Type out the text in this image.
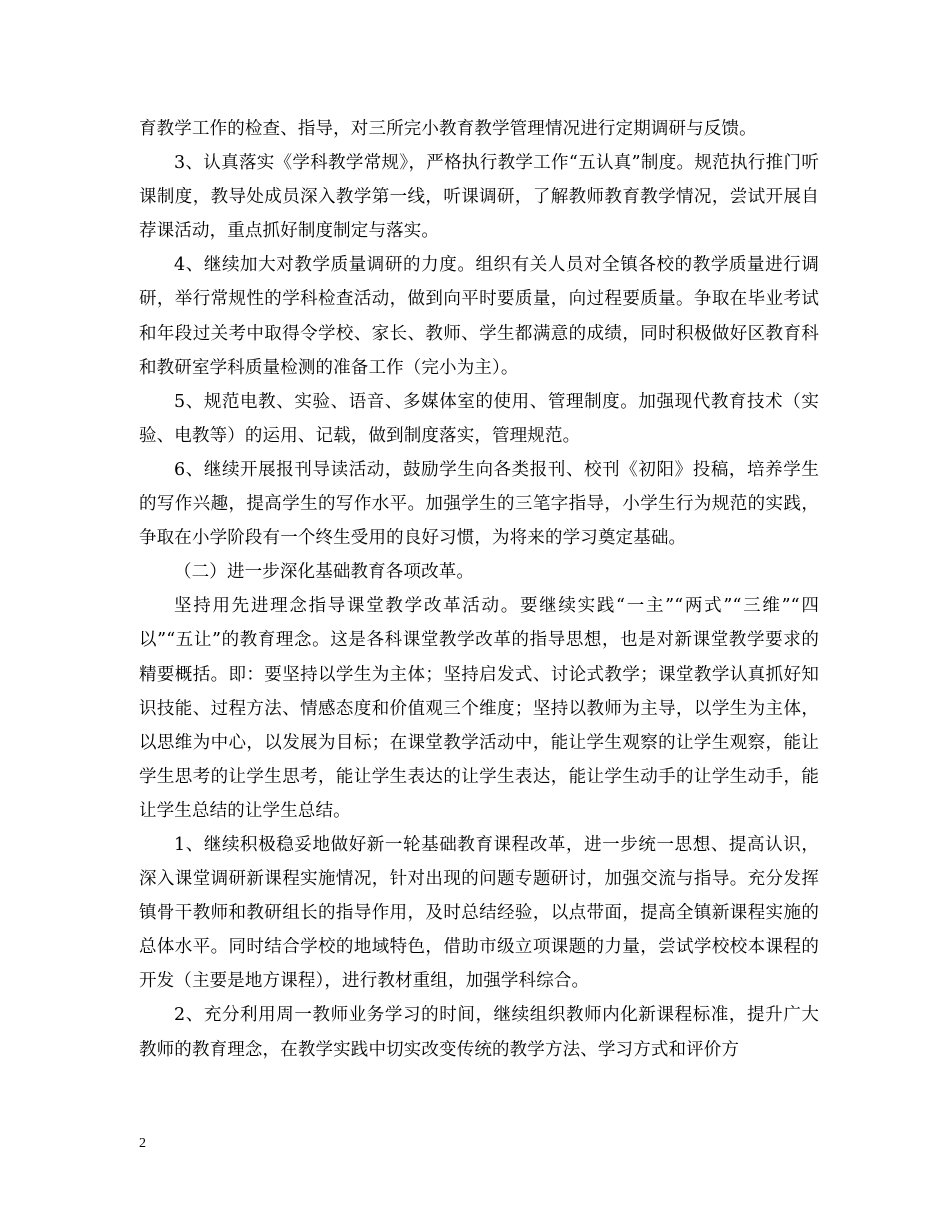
育教学工作的检查、指导，对三所完小教育教学管理情况进行定期调研与反馈。

3、认真落实《学科教学常规》，严格执行教学工作“五认真”制度。规范执行推门听课制度，教导处成员深入教学第一线，听课调研，了解教师教育教学情况，尝试开展自荐课活动，重点抓好制度制定与落实。

4、继续加大对教学质量调研的力度。组织有关人员对全镇各校的教学质量进行调研，举行常规性的学科检查活动，做到向平时要质量，向过程要质量。争取在毕业考试和年段过关考中取得令学校、家长、教师、学生都满意的成绩，同时积极做好区教育科和教研室学科质量检测的准备工作（完小为主）。

5、规范电教、实验、语音、多媒体室的使用、管理制度。加强现代教育技术（实验、电教等）的运用、记载，做到制度落实，管理规范。

6、继续开展报刊导读活动，鼓励学生向各类报刊、校刊《初阳》投稿，培养学生的写作兴趣，提高学生的写作水平。加强学生的三笔字指导，小学生行为规范的实践，争取在小学阶段有一个终生受用的良好习惯，为将来的学习奠定基础。

（二）进一步深化基础教育各项改革。

坚持用先进理念指导课堂教学改革活动。要继续实践“一主”“两式”“三维”“四以”“五让”的教育理念。这是各科课堂教学改革的指导思想，也是对新课堂教学要求的精要概括。即：要坚持以学生为主体；坚持启发式、讨论式教学；课堂教学认真抓好知识技能、过程方法、情感态度和价值观三个维度；坚持以教师为主导，以学生为主体，以思维为中心，以发展为目标；在课堂教学活动中，能让学生观察的让学生观察，能让学生思考的让学生思考，能让学生表达的让学生表达，能让学生动手的让学生动手，能让学生总结的让学生总结。

1、继续积极稳妥地做好新一轮基础教育课程改革，进一步统一思想、提高认识，深入课堂调研新课程实施情况，针对出现的问题专题研讨，加强交流与指导。充分发挥镇骨干教师和教研组长的指导作用，及时总结经验，以点带面，提高全镇新课程实施的总体水平。同时结合学校的地域特色，借助市级立项课题的力量，尝试学校校本课程的开发（主要是地方课程），进行教材重组，加强学科综合。

2、充分利用周一教师业务学习的时间，继续组织教师内化新课程标准，提升广大教师的教育理念，在教学实践中切实改变传统的教学方法、学习方式和评价方

2
